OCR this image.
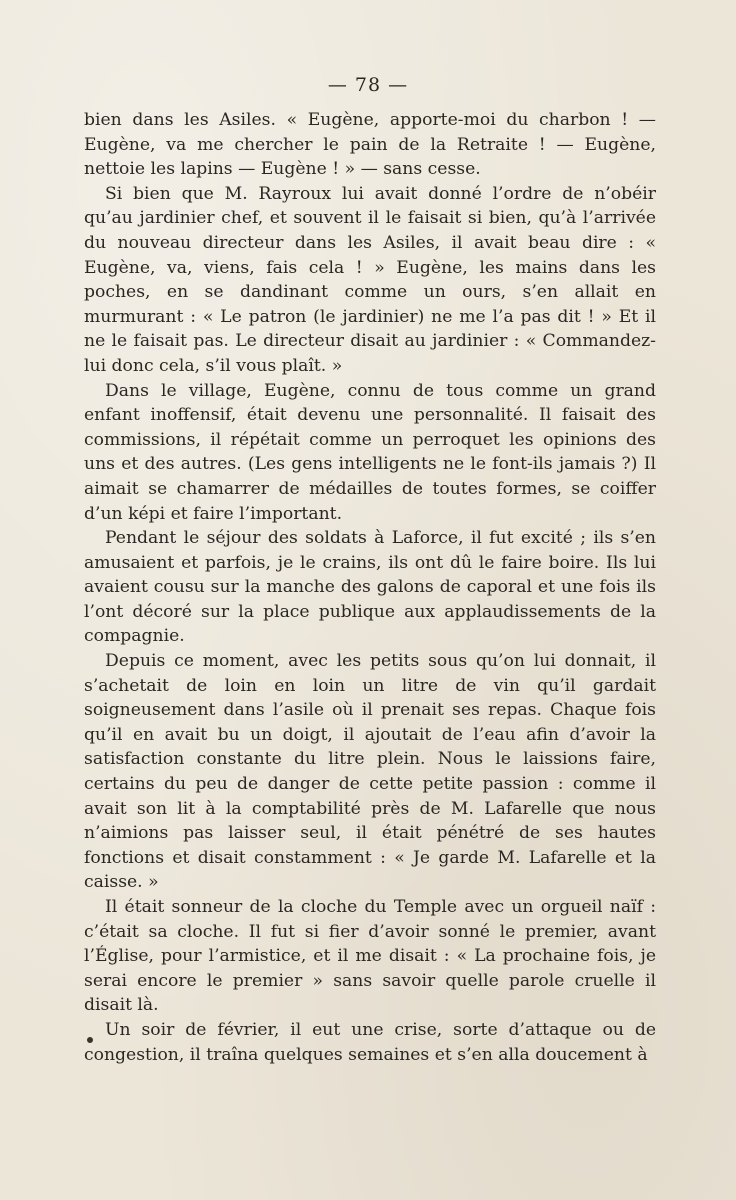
— 78 —

bien dans les Asiles. « Eugène, apporte-moi du charbon ! — Eugène, va me chercher le pain de la Retraite ! — Eugène, nettoie les lapins — Eugène ! » — sans cesse.

Si bien que M. Rayroux lui avait donné l’ordre de n’obéir qu’au jardinier chef, et souvent il le faisait si bien, qu’à l’arrivée du nouveau directeur dans les Asiles, il avait beau dire : « Eugène, va, viens, fais cela ! » Eugène, les mains dans les poches, en se dandinant comme un ours, s’en allait en murmurant : « Le patron (le jardinier) ne me l’a pas dit ! » Et il ne le faisait pas. Le directeur disait au jardinier : « Commandez-lui donc cela, s’il vous plaît. »

Dans le village, Eugène, connu de tous comme un grand enfant inoffensif, était devenu une personnalité. Il faisait des commissions, il répétait comme un perroquet les opinions des uns et des autres. (Les gens intelligents ne le font-ils jamais ?) Il aimait se chamarrer de médailles de toutes formes, se coiffer d’un képi et faire l’important.

Pendant le séjour des soldats à Laforce, il fut excité ; ils s’en amusaient et parfois, je le crains, ils ont dû le faire boire. Ils lui avaient cousu sur la manche des galons de caporal et une fois ils l’ont décoré sur la place publique aux applaudissements de la compagnie.

Depuis ce moment, avec les petits sous qu’on lui donnait, il s’achetait de loin en loin un litre de vin qu’il gardait soigneusement dans l’asile où il prenait ses repas. Chaque fois qu’il en avait bu un doigt, il ajoutait de l’eau afin d’avoir la satisfaction constante du litre plein. Nous le laissions faire, certains du peu de danger de cette petite passion : comme il avait son lit à la comptabilité près de M. Lafarelle que nous n’aimions pas laisser seul, il était pénétré de ses hautes fonctions et disait constamment : « Je garde M. Lafarelle et la caisse. »

Il était sonneur de la cloche du Temple avec un orgueil naïf : c’était sa cloche. Il fut si fier d’avoir sonné le premier, avant l’Église, pour l’armistice, et il me disait : « La prochaine fois, je serai encore le premier » sans savoir quelle parole cruelle il disait là.

Un soir de février, il eut une crise, sorte d’attaque ou de congestion, il traîna quelques semaines et s’en alla doucement à
